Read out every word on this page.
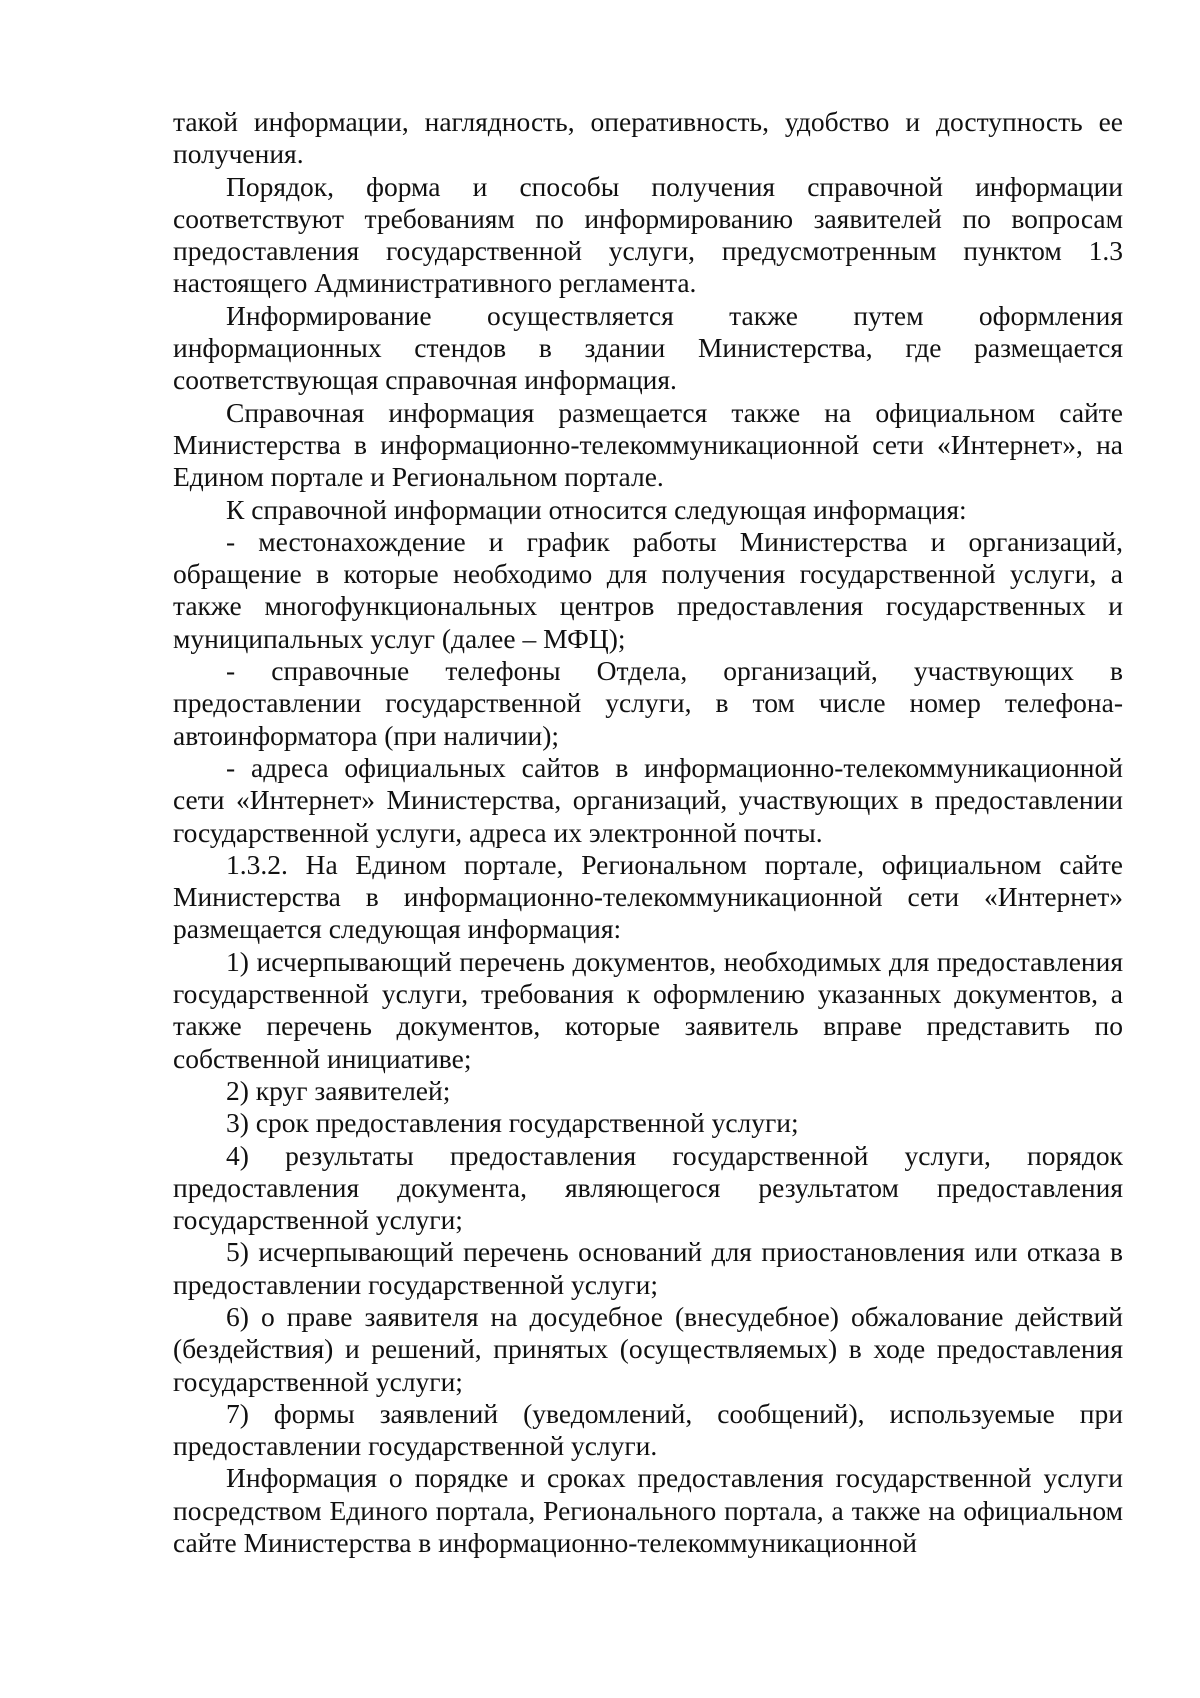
такой информации, наглядность, оперативность, удобство и доступность ее получения.

Порядок, форма и способы получения справочной информации соответствуют требованиям по информированию заявителей по вопросам предоставления государственной услуги, предусмотренным пунктом 1.3 настоящего Административного регламента.

Информирование осуществляется также путем оформления информационных стендов в здании Министерства, где размещается соответствующая справочная информация.

Справочная информация размещается также на официальном сайте Министерства в информационно-телекоммуникационной сети «Интернет», на Едином портале и Региональном портале.

К справочной информации относится следующая информация:

- местонахождение и график работы Министерства и организаций, обращение в которые необходимо для получения государственной услуги, а также многофункциональных центров предоставления государственных и муниципальных услуг (далее – МФЦ);

- справочные телефоны Отдела, организаций, участвующих в предоставлении государственной услуги, в том числе номер телефона-автоинформатора (при наличии);

- адреса официальных сайтов в информационно-телекоммуникационной сети «Интернет» Министерства, организаций, участвующих в предоставлении государственной услуги, адреса их электронной почты.

1.3.2. На Едином портале, Региональном портале, официальном сайте Министерства в информационно-телекоммуникационной сети «Интернет» размещается следующая информация:

1) исчерпывающий перечень документов, необходимых для предоставления государственной услуги, требования к оформлению указанных документов, а также перечень документов, которые заявитель вправе представить по собственной инициативе;

2) круг заявителей;

3) срок предоставления государственной услуги;

4) результаты предоставления государственной услуги, порядок предоставления документа, являющегося результатом предоставления государственной услуги;

5) исчерпывающий перечень оснований для приостановления или отказа в предоставлении государственной услуги;

6) о праве заявителя на досудебное (внесудебное) обжалование действий (бездействия) и решений, принятых (осуществляемых) в ходе предоставления государственной услуги;

7) формы заявлений (уведомлений, сообщений), используемые при предоставлении государственной услуги.

Информация о порядке и сроках предоставления государственной услуги посредством Единого портала, Регионального портала, а также на официальном сайте Министерства в информационно-телекоммуникационной
